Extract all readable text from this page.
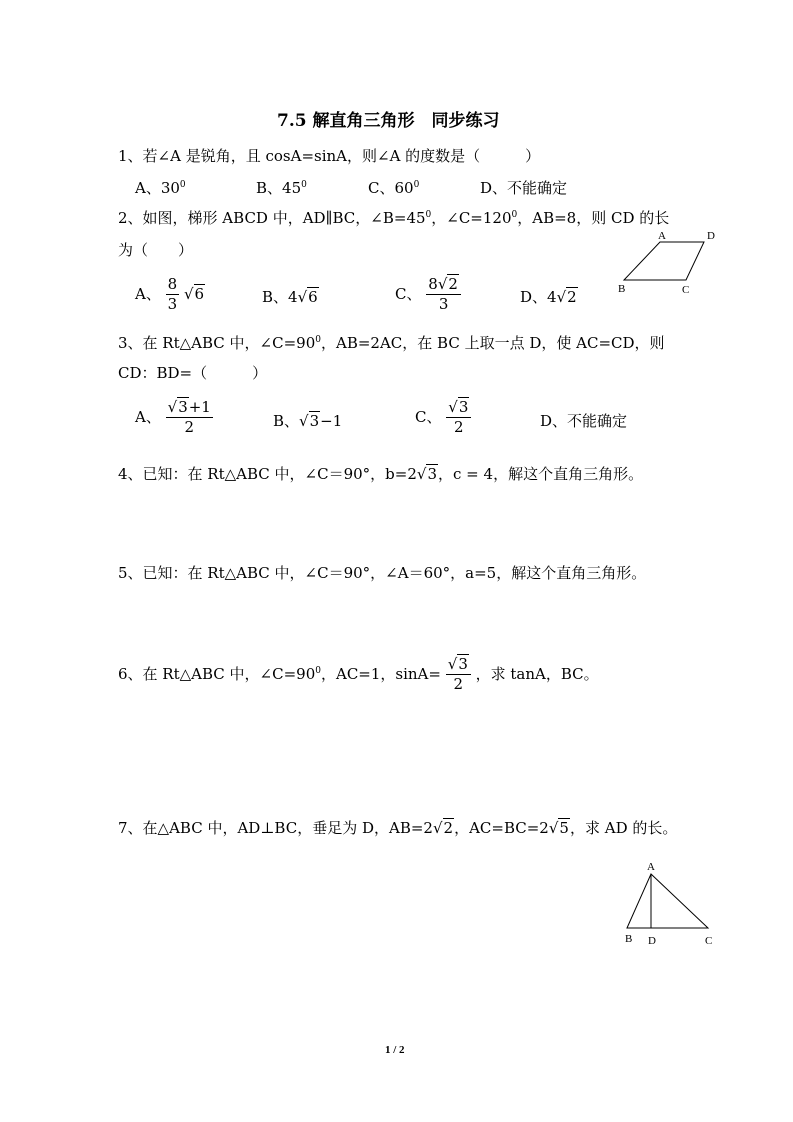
7.5 解直角三角形　同步练习
1、若∠A 是锐角，且 cosA=sinA，则∠A 的度数是（　　　）
A、$30^0$	B、$45^0$	C、$60^0$	D、不能确定
2、如图，梯形 ABCD 中，AD∥BC，$\angle B=45^0$，$\angle C=120^0$，AB=8，则 CD 的长
为（　　）
A、 $\frac{8}{3} √6$	B、4√6	C、 $\frac{8√2}{3}$	D、4√2
A	D
B	C
3、在 Rt△ABC 中，$\angle C=90^0$，AB=2AC，在 BC 上取一点 D，使 AC=CD，则
CD：BD=（　　　）
A、 $\frac{√3+1}{2}$	B、√3−1	C、 $\frac{√3}{2}$	D、不能确定
4、已知：在 Rt△ABC 中，∠C＝90°，b=2√3，c = 4，解这个直角三角形。
5、已知：在 Rt△ABC 中，∠C＝90°，∠A＝60°，a=5，解这个直角三角形。
6、在 Rt△ABC 中，$\angle C=90^0$，AC=1，$\sin A= \frac{√3}{2}$ ，求 tanA，BC。
7、在△ABC 中，AD⊥BC，垂足为 D，AB=2√2，AC=BC=2√5，求 AD 的长。
A
B D	C
1 / 2
